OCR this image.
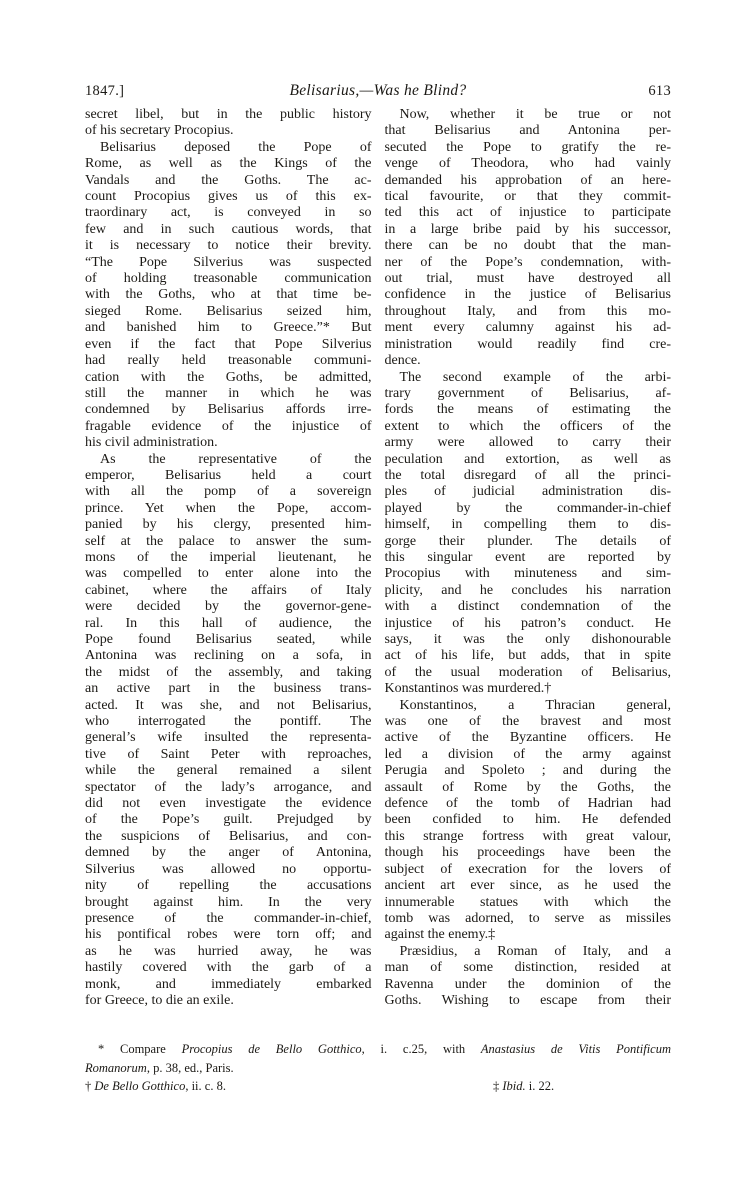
1847.]	Belisarius,—Was he Blind?	613
secret libel, but in the public history
of his secretary Procopius.
Belisarius deposed the Pope of
Rome, as well as the Kings of the
Vandals and the Goths. The ac-
count Procopius gives us of this ex-
traordinary act, is conveyed in so
few and in such cautious words, that
it is necessary to notice their brevity.
“The Pope Silverius was suspected
of holding treasonable communication
with the Goths, who at that time be-
sieged Rome. Belisarius seized him,
and banished him to Greece.”* But
even if the fact that Pope Silverius
had really held treasonable communi-
cation with the Goths, be admitted,
still the manner in which he was
condemned by Belisarius affords irre-
fragable evidence of the injustice of
his civil administration.
As the representative of the
emperor, Belisarius held a court
with all the pomp of a sovereign
prince. Yet when the Pope, accom-
panied by his clergy, presented him-
self at the palace to answer the sum-
mons of the imperial lieutenant, he
was compelled to enter alone into the
cabinet, where the affairs of Italy
were decided by the governor-gene-
ral. In this hall of audience, the
Pope found Belisarius seated, while
Antonina was reclining on a sofa, in
the midst of the assembly, and taking
an active part in the business trans-
acted. It was she, and not Belisarius,
who interrogated the pontiff. The
general’s wife insulted the representa-
tive of Saint Peter with reproaches,
while the general remained a silent
spectator of the lady’s arrogance, and
did not even investigate the evidence
of the Pope’s guilt. Prejudged by
the suspicions of Belisarius, and con-
demned by the anger of Antonina,
Silverius was allowed no opportu-
nity of repelling the accusations
brought against him. In the very
presence of the commander-in-chief,
his pontifical robes were torn off; and
as he was hurried away, he was
hastily covered with the garb of a
monk, and immediately embarked
for Greece, to die an exile.
Now, whether it be true or not
that Belisarius and Antonina per-
secuted the Pope to gratify the re-
venge of Theodora, who had vainly
demanded his approbation of an here-
tical favourite, or that they commit-
ted this act of injustice to participate
in a large bribe paid by his successor,
there can be no doubt that the man-
ner of the Pope’s condemnation, with-
out trial, must have destroyed all
confidence in the justice of Belisarius
throughout Italy, and from this mo-
ment every calumny against his ad-
ministration would readily find cre-
dence.
The second example of the arbi-
trary government of Belisarius, af-
fords the means of estimating the
extent to which the officers of the
army were allowed to carry their
peculation and extortion, as well as
the total disregard of all the princi-
ples of judicial administration dis-
played by the commander-in-chief
himself, in compelling them to dis-
gorge their plunder. The details of
this singular event are reported by
Procopius with minuteness and sim-
plicity, and he concludes his narration
with a distinct condemnation of the
injustice of his patron’s conduct. He
says, it was the only dishonourable
act of his life, but adds, that in spite
of the usual moderation of Belisarius,
Konstantinos was murdered.†
Konstantinos, a Thracian general,
was one of the bravest and most
active of the Byzantine officers. He
led a division of the army against
Perugia and Spoleto ; and during the
assault of Rome by the Goths, the
defence of the tomb of Hadrian had
been confided to him. He defended
this strange fortress with great valour,
though his proceedings have been the
subject of execration for the lovers of
ancient art ever since, as he used the
innumerable statues with which the
tomb was adorned, to serve as missiles
against the enemy.‡
Præsidius, a Roman of Italy, and a
man of some distinction, resided at
Ravenna under the dominion of the
Goths. Wishing to escape from their
* Compare Procopius de Bello Gotthico, i. c.25, with Anastasius de Vitis Pontificum
Romanorum, p. 38, ed., Paris.
† De Bello Gotthico, ii. c. 8.	‡ Ibid. i. 22.
